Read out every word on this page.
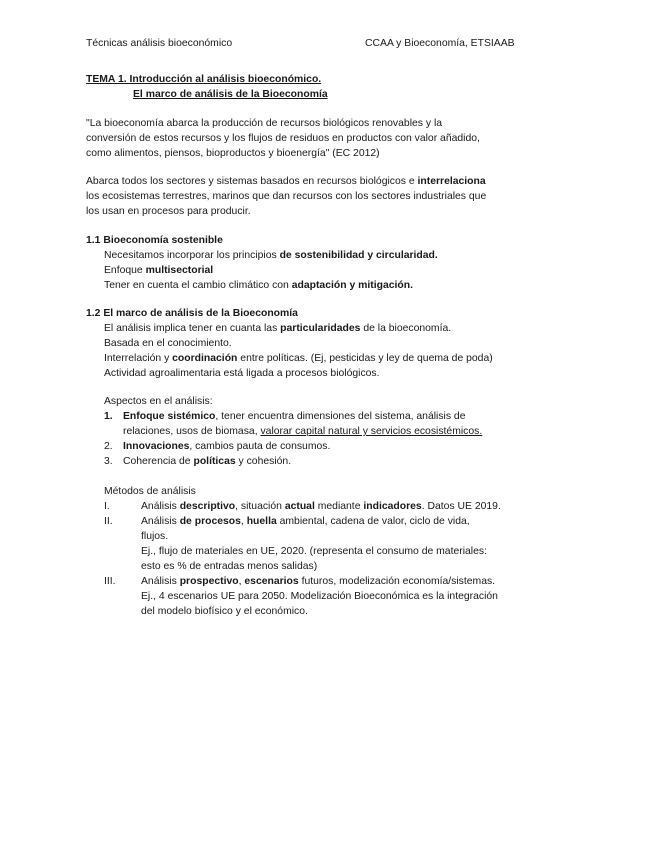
Técnicas análisis bioeconómico	CCAA y Bioeconomía, ETSIAAB
TEMA 1. Introducción al análisis bioeconómico.
El marco de análisis de la Bioeconomía
"La bioeconomía abarca la producción de recursos biológicos renovables y la
conversión de estos recursos y los flujos de residuos en productos con valor añadido,
como alimentos, piensos, bioproductos y bioenergía" (EC 2012)
Abarca todos los sectores y sistemas basados en recursos biológicos e interrelaciona
los ecosistemas terrestres, marinos que dan recursos con los sectores industriales que
los usan en procesos para producir.
1.1 Bioeconomía sostenible
Necesitamos incorporar los principios de sostenibilidad y circularidad.
Enfoque multisectorial
Tener en cuenta el cambio climático con adaptación y mitigación.
1.2 El marco de análisis de la Bioeconomía
El análisis implica tener en cuanta las particularidades de la bioeconomía.
Basada en el conocimiento.
Interrelación y coordinación entre políticas. (Ej, pesticidas y ley de quema de poda)
Actividad agroalimentaria está ligada a procesos biológicos.
Aspectos en el análisis:
1. Enfoque sistémico, tener encuentra dimensiones del sistema, análisis de
relaciones, usos de biomasa, valorar capital natural y servicios ecosistémicos.
2. Innovaciones, cambios pauta de consumos.
3. Coherencia de políticas y cohesión.
Métodos de análisis
I.	Análisis descriptivo, situación actual mediante indicadores. Datos UE 2019.
II.	Análisis de procesos, huella ambiental, cadena de valor, ciclo de vida,
flujos.
Ej., flujo de materiales en UE, 2020. (representa el consumo de materiales:
esto es % de entradas menos salidas)
III. Análisis prospectivo, escenarios futuros, modelización economía/sistemas.
Ej., 4 escenarios UE para 2050. Modelización Bioeconómica es la integración
del modelo biofísico y el económico.
